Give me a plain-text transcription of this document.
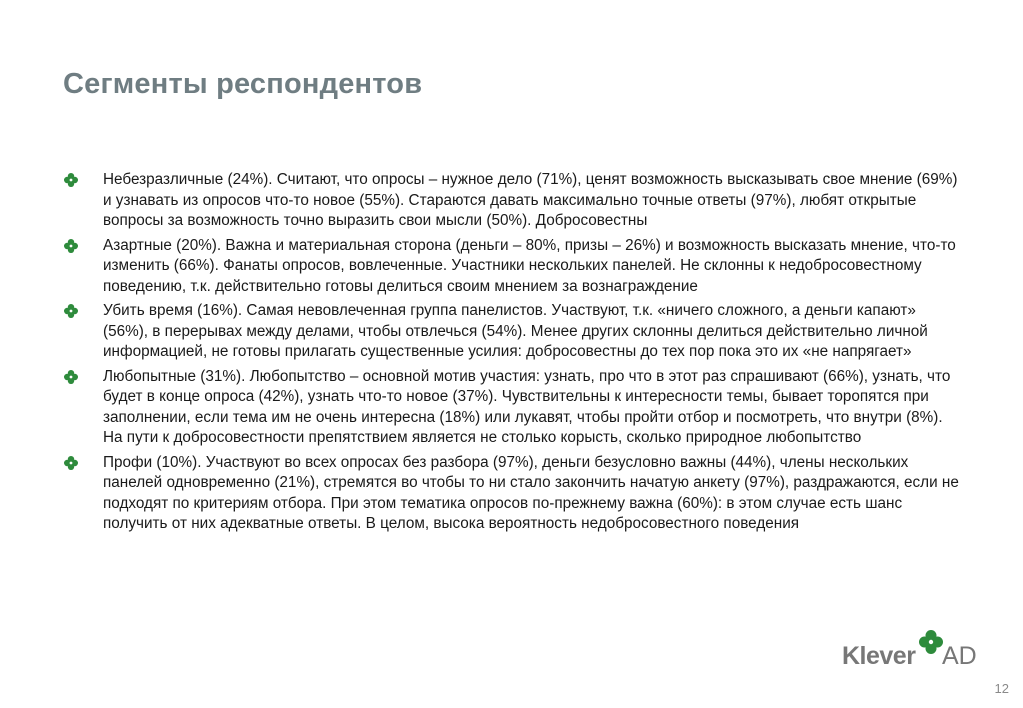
Сегменты респондентов
Небезразличные (24%). Считают, что опросы – нужное дело (71%), ценят возможность высказывать свое мнение (69%) и узнавать из опросов что-то новое (55%). Стараются давать максимально точные ответы (97%), любят открытые вопросы за возможность точно выразить свои мысли (50%). Добросовестны
Азартные (20%). Важна и материальная сторона (деньги – 80%, призы – 26%) и возможность высказать мнение, что-то изменить (66%). Фанаты опросов, вовлеченные. Участники нескольких панелей. Не склонны к недобросовестному поведению, т.к. действительно готовы делиться своим мнением за вознаграждение
Убить время (16%). Самая невовлеченная группа панелистов. Участвуют, т.к. «ничего сложного, а деньги капают» (56%), в перерывах между делами, чтобы отвлечься (54%). Менее других склонны делиться действительно личной информацией, не готовы прилагать существенные усилия: добросовестны до тех пор пока это их «не напрягает»
Любопытные (31%). Любопытство – основной мотив участия: узнать, про что в этот раз спрашивают (66%), узнать, что будет в конце опроса (42%), узнать что-то новое (37%). Чувствительны к интересности темы, бывает торопятся при заполнении, если тема им не очень интересна (18%) или лукавят, чтобы пройти отбор и посмотреть, что внутри (8%). На пути к добросовестности препятствием является не столько корысть, сколько природное любопытство
Профи (10%). Участвуют во всех опросах без разбора (97%), деньги безусловно важны (44%), члены нескольких панелей одновременно (21%), стремятся во чтобы то ни стало закончить начатую анкету (97%), раздражаются, если не подходят по критериям отбора. При этом тематика опросов по-прежнему важна (60%): в этом случае есть шанс получить от них адекватные ответы. В целом, высока вероятность недобросовестного поведения
Klever AD
12
